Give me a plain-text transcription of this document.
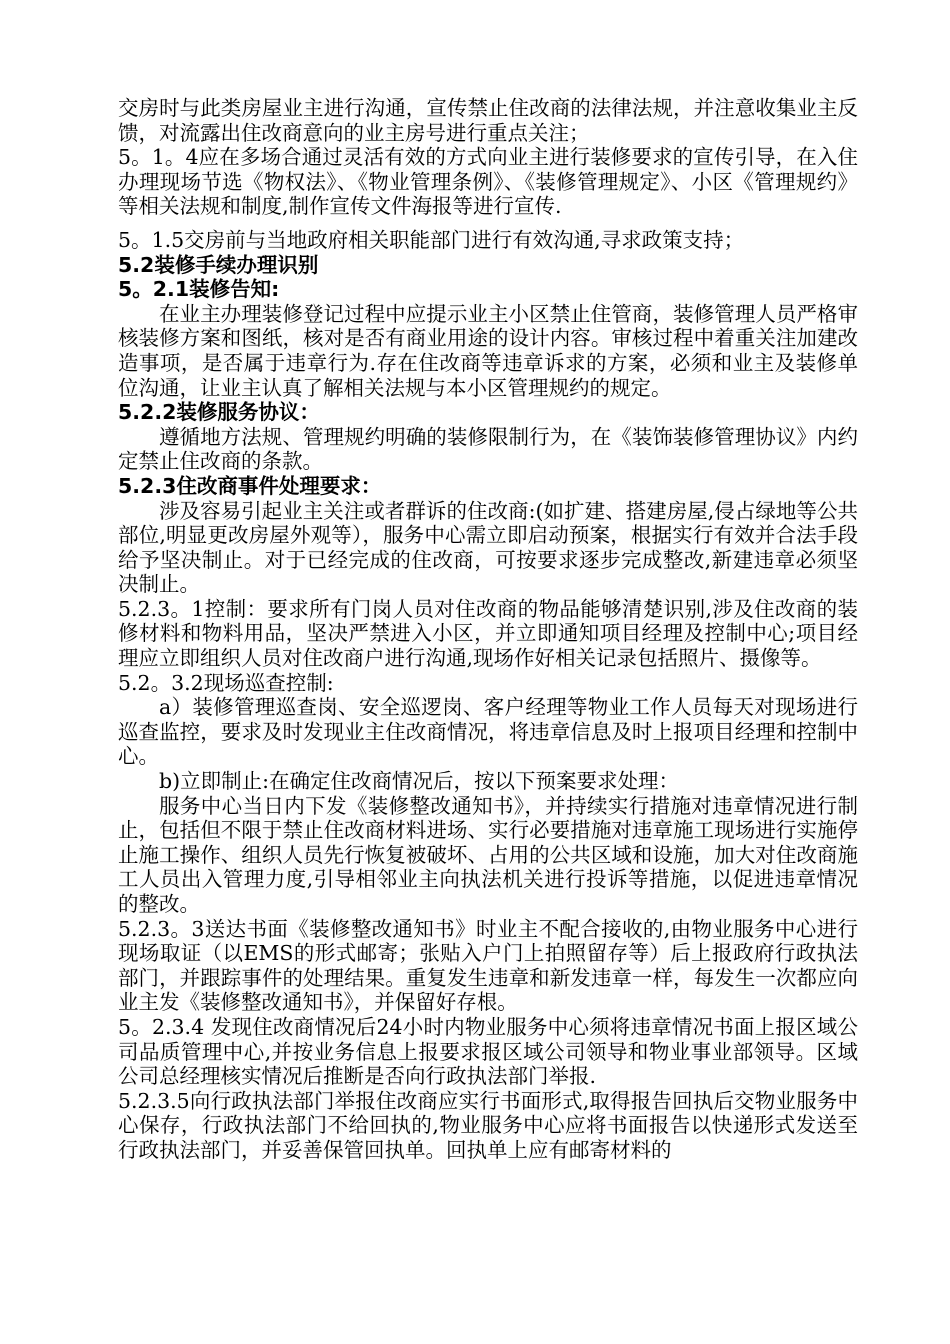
交房时与此类房屋业主进行沟通，宣传禁止住改商的法律法规，并注意收集业主反馈，对流露出住改商意向的业主房号进行重点关注；

5。1。4应在多场合通过灵活有效的方式向业主进行装修要求的宣传引导，在入住办理现场节选《物权法》、《物业管理条例》、《装修管理规定》、小区《管理规约》等相关法规和制度,制作宣传文件海报等进行宣传.

5。1.5交房前与当地政府相关职能部门进行有效沟通,寻求政策支持；

5.2装修手续办理识别

5。2.1装修告知:

在业主办理装修登记过程中应提示业主小区禁止住管商，装修管理人员严格审核装修方案和图纸，核对是否有商业用途的设计内容。审核过程中着重关注加建改造事项，是否属于违章行为.存在住改商等违章诉求的方案，必须和业主及装修单位沟通，让业主认真了解相关法规与本小区管理规约的规定。

5.2.2装修服务协议：

遵循地方法规、管理规约明确的装修限制行为，在《装饰装修管理协议》内约定禁止住改商的条款。

5.2.3住改商事件处理要求：

涉及容易引起业主关注或者群诉的住改商:(如扩建、搭建房屋,侵占绿地等公共部位,明显更改房屋外观等），服务中心需立即启动预案，根据实行有效并合法手段给予坚决制止。对于已经完成的住改商，可按要求逐步完成整改,新建违章必须坚决制止。

5.2.3。1控制：要求所有门岗人员对住改商的物品能够清楚识别,涉及住改商的装修材料和物料用品，坚决严禁进入小区，并立即通知项目经理及控制中心;项目经理应立即组织人员对住改商户进行沟通,现场作好相关记录包括照片、摄像等。

5.2。3.2现场巡查控制:

a）装修管理巡查岗、安全巡逻岗、客户经理等物业工作人员每天对现场进行巡查监控，要求及时发现业主住改商情况，将违章信息及时上报项目经理和控制中心。

b)立即制止:在确定住改商情况后，按以下预案要求处理：

服务中心当日内下发《装修整改通知书》，并持续实行措施对违章情况进行制止，包括但不限于禁止住改商材料进场、实行必要措施对违章施工现场进行实施停止施工操作、组织人员先行恢复被破坏、占用的公共区域和设施，加大对住改商施工人员出入管理力度,引导相邻业主向执法机关进行投诉等措施，以促进违章情况的整改。

5.2.3。3送达书面《装修整改通知书》时业主不配合接收的,由物业服务中心进行现场取证（以EMS的形式邮寄；张贴入户门上拍照留存等）后上报政府行政执法部门，并跟踪事件的处理结果。重复发生违章和新发违章一样，每发生一次都应向业主发《装修整改通知书》，并保留好存根。

5。2.3.4 发现住改商情况后24小时内物业服务中心须将违章情况书面上报区域公司品质管理中心,并按业务信息上报要求报区域公司领导和物业事业部领导。区域公司总经理核实情况后推断是否向行政执法部门举报.

5.2.3.5向行政执法部门举报住改商应实行书面形式,取得报告回执后交物业服务中心保存，行政执法部门不给回执的,物业服务中心应将书面报告以快递形式发送至行政执法部门，并妥善保管回执单。回执单上应有邮寄材料的
